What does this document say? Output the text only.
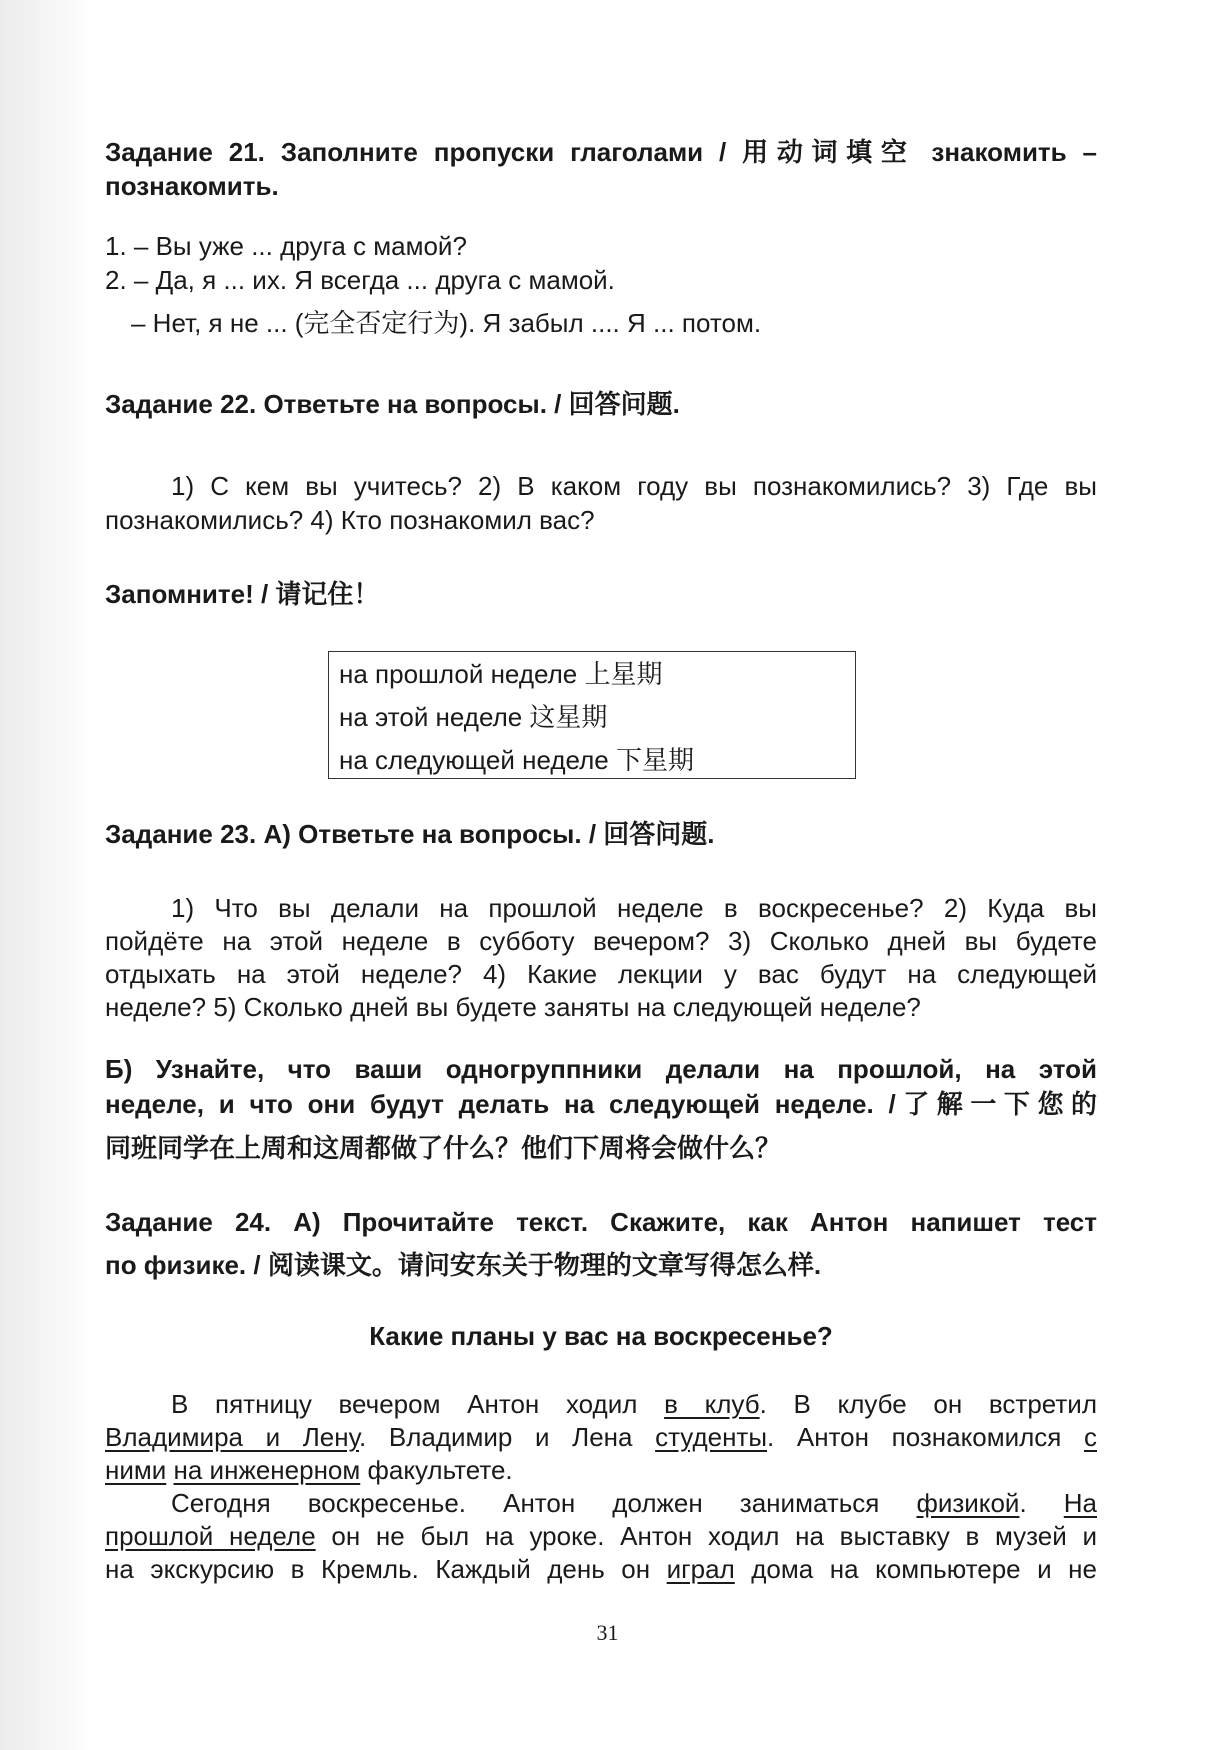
Задание 21. Заполните пропуски глаголами / 用动词填空 знакомить –
познакомить.
1. – Вы уже ... друга с мамой?
2. – Да, я ... их. Я всегда ... друга с мамой.
– Нет, я не ... (完全否定行为). Я забыл .... Я ... потом.
Задание 22. Ответьте на вопросы. / 回答问题.
1) С кем вы учитесь? 2) В каком году вы познакомились? 3) Где вы
познакомились? 4) Кто познакомил вас?
Запомните! / 请记住！
на прошлой неделе 上星期
на этой неделе 这星期
на следующей неделе 下星期
Задание 23. А) Ответьте на вопросы. / 回答问题.
1) Что вы делали на прошлой неделе в воскресенье? 2) Куда вы
пойдёте на этой неделе в субботу вечером? 3) Сколько дней вы будете
отдыхать на этой неделе? 4) Какие лекции у вас будут на следующей
неделе? 5) Сколько дней вы будете заняты на следующей неделе?
Б) Узнайте, что ваши одногруппники делали на прошлой, на этой
неделе, и что они будут делать на следующей неделе. /了解一下您的
同班同学在上周和这周都做了什么？他们下周将会做什么？
Задание 24. А) Прочитайте текст. Скажите, как Антон напишет тест
по физике. / 阅读课文。请问安东关于物理的文章写得怎么样.
Какие планы у вас на воскресенье?
В пятницу вечером Антон ходил в клуб. В клубе он встретил
Владимира и Лену. Владимир и Лена студенты. Антон познакомился с
ними на инженерном факультете.
Сегодня воскресенье. Антон должен заниматься физикой. На
прошлой неделе он не был на уроке. Антон ходил на выставку в музей и
на экскурсию в Кремль. Каждый день он играл дома на компьютере и не
31
